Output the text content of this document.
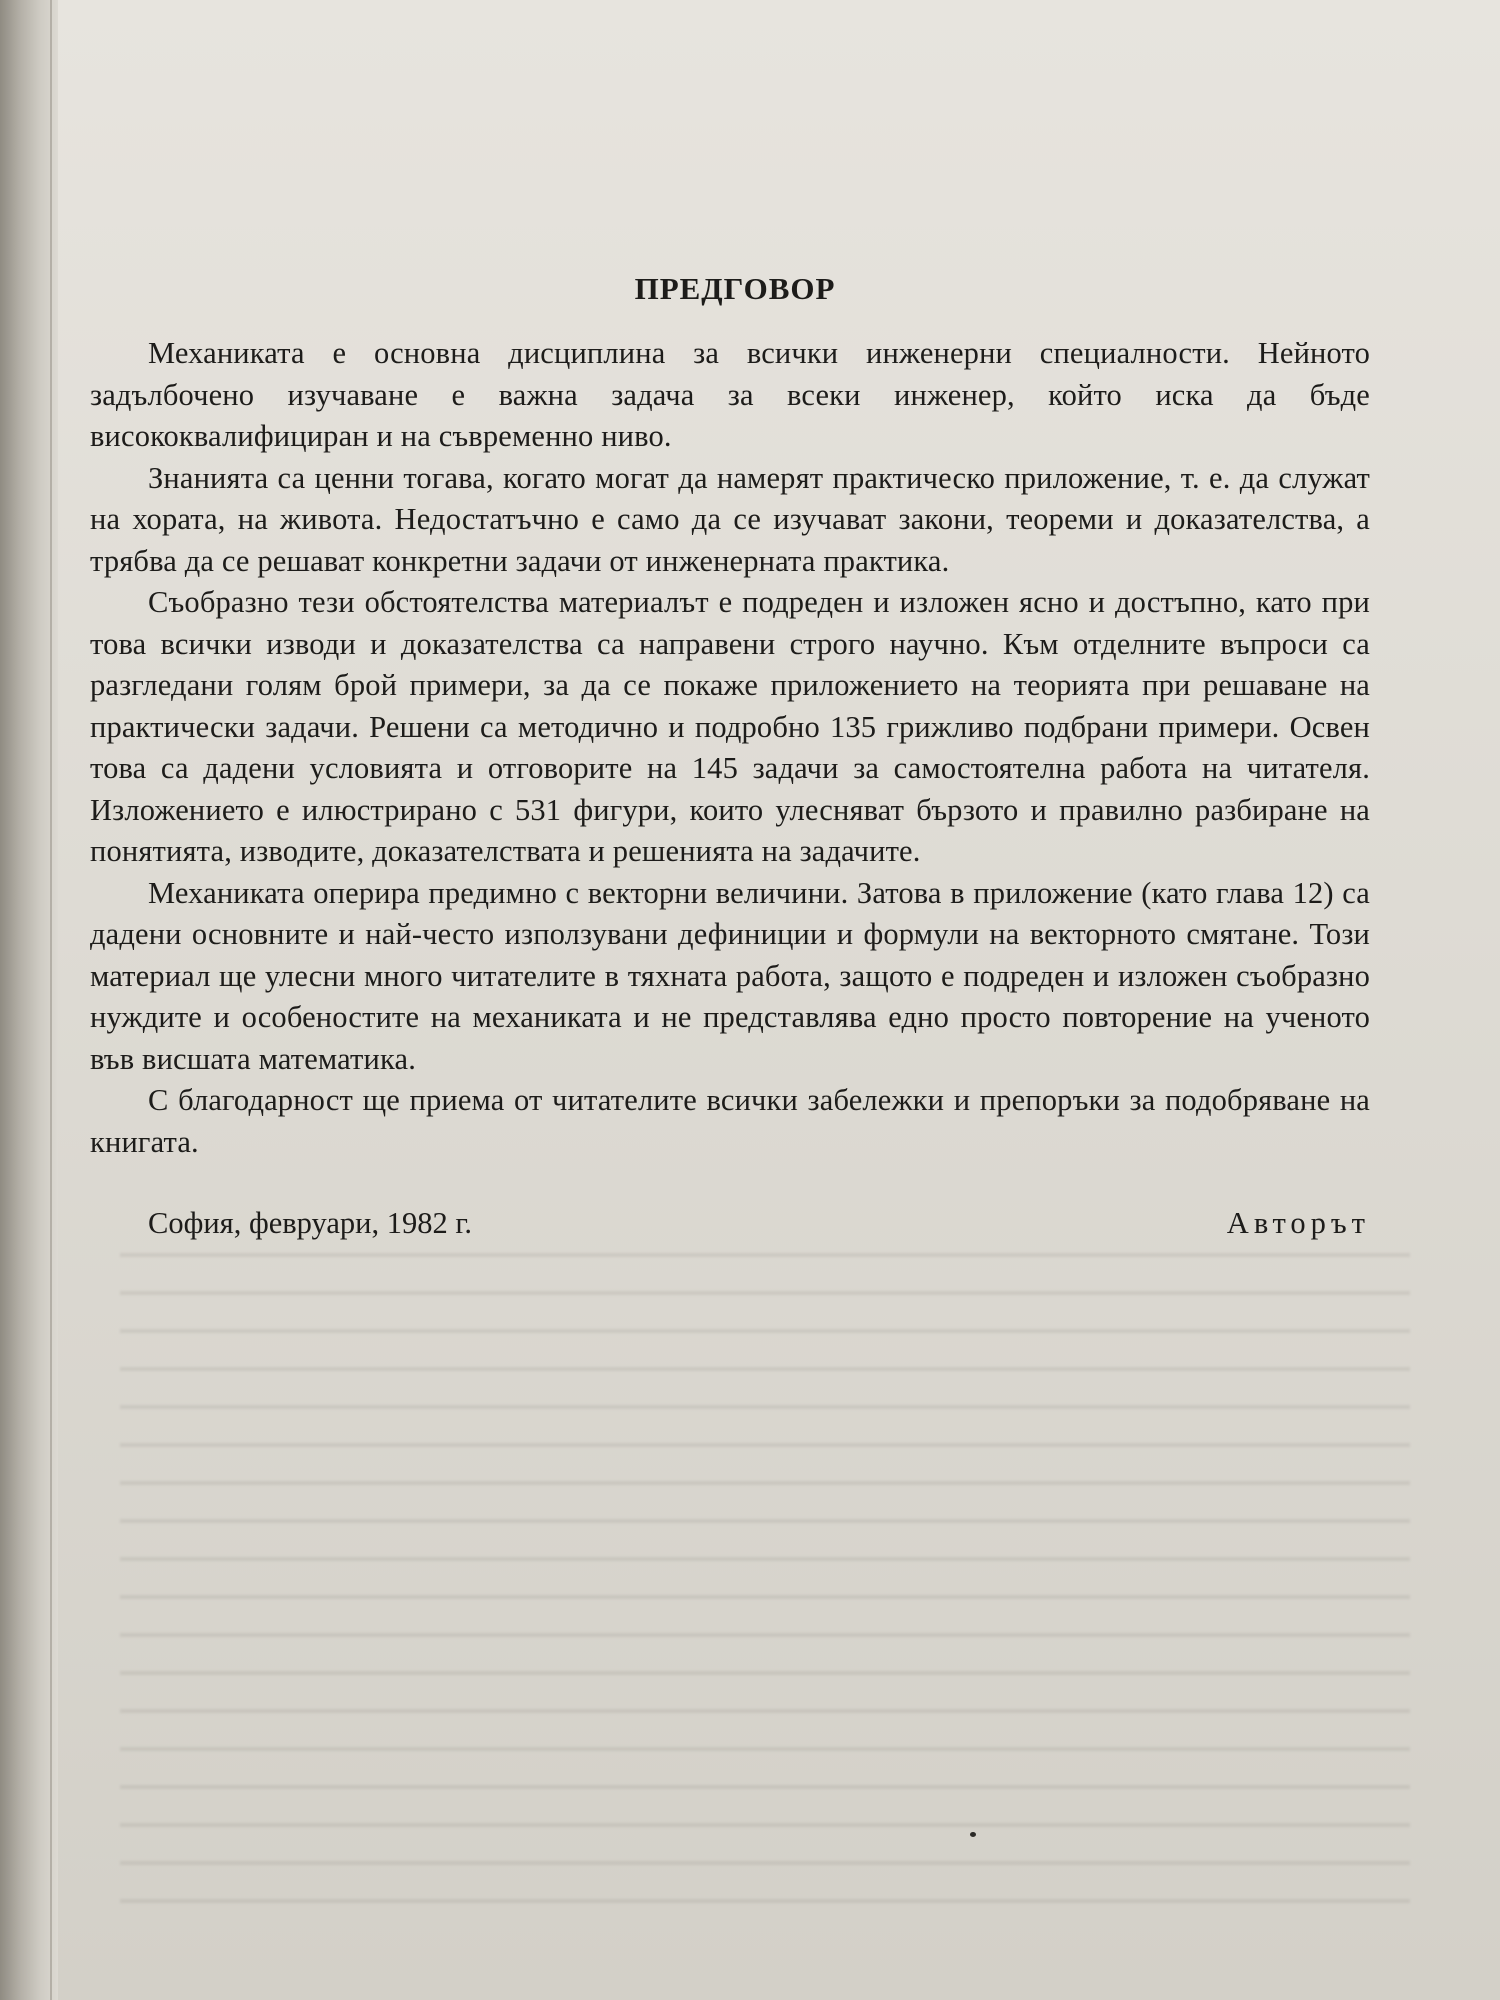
ПРЕДГОВОР

Механиката е основна дисциплина за всички инженерни специалности. Нейното задълбочено изучаване е важна задача за всеки инженер, който иска да бъде висококвалифициран и на съвременно ниво.

Знанията са ценни тогава, когато могат да намерят практическо приложение, т. е. да служат на хората, на живота. Недостатъчно е само да се изучават закони, теореми и доказателства, а трябва да се решават конкретни задачи от инженерната практика.

Съобразно тези обстоятелства материалът е подреден и изложен ясно и достъпно, като при това всички изводи и доказателства са направени строго научно. Към отделните въпроси са разгледани голям брой примери, за да се покаже приложението на теорията при решаване на практически задачи. Решени са методично и подробно 135 грижливо подбрани примери. Освен това са дадени условията и отговорите на 145 задачи за самостоятелна работа на читателя. Изложението е илюстрирано с 531 фигури, които улесняват бързото и правилно разбиране на понятията, изводите, доказателствата и решенията на задачите.

Механиката оперира предимно с векторни величини. Затова в приложение (като глава 12) са дадени основните и най-често използувани дефиниции и формули на векторното смятане. Този материал ще улесни много читателите в тяхната работа, защото е подреден и изложен съобразно нуждите и особеностите на механиката и не представлява едно просто повторение на ученото във висшата математика.

С благодарност ще приема от читателите всички забележки и препоръки за подобряване на книгата.

София, февруари, 1982 г.	Авторът
